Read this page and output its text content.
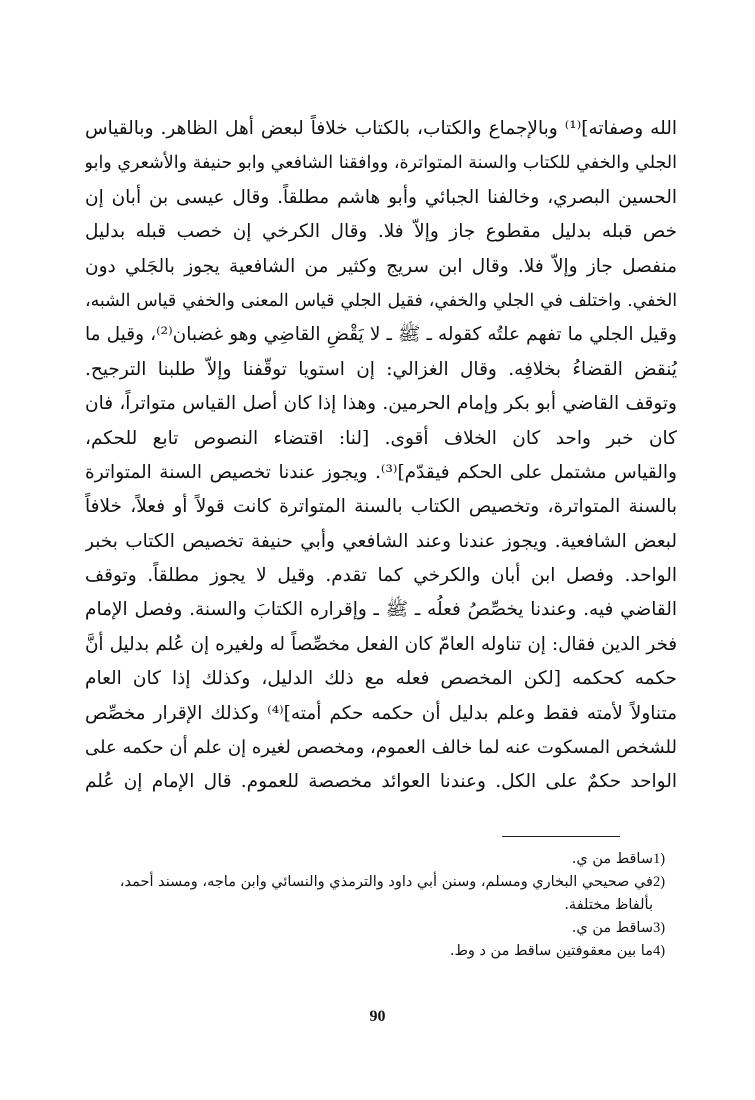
الله وصفاته]⁽¹⁾ وبالإجماع والكتاب، بالكتاب خلافاً لبعض أهل الظاهر. وبالقياس
الجلي والخفي للكتاب والسنة المتواترة، ووافقنا الشافعي وابو حنيفة والأشعري وابو
الحسين البصري، وخالفنا الجبائي وأبو هاشم مطلقاً. وقال عيسى بن أبان إن
خص قبله بدليل مقطوع جاز وإلاّ فلا. وقال الكرخي إن خصب قبله بدليل
منفصل جاز وإلاّ فلا. وقال ابن سريج وكثير من الشافعية يجوز بالجَلي دون
الخفي. واختلف في الجلي والخفي، فقيل الجلي قياس المعنى والخفي قياس الشبه،
وقيل الجلي ما تفهم علتُه كقوله ـ ﷺ ـ لا يَقْضِ القاضِي وهو غضبان⁽²⁾، وقيل ما
يُنقض القضاءُ بخلافِه. وقال الغزالي: إن استويا توقّفنا وإلاّ طلبنا الترجيح.
وتوقف القاضي أبو بكر وإمام الحرمين. وهذا إذا كان أصل القياس متواتراً، فان
كان خبر واحد كان الخلاف أقوى. [لنا: اقتضاء النصوص تابع للحكم،
والقياس مشتمل على الحكم فيقدّم]⁽³⁾. ويجوز عندنا تخصيص السنة المتواترة
بالسنة المتواترة، وتخصيص الكتاب بالسنة المتواترة كانت قولاً أو فعلاً، خلافاً
لبعض الشافعية. ويجوز عندنا وعند الشافعي وأبي حنيفة تخصيص الكتاب بخبر
الواحد. وفصل ابن أبان والكرخي كما تقدم. وقيل لا يجوز مطلقاً. وتوقف
القاضي فيه. وعندنا يخصِّصُ فعلُه ـ ﷺ ـ وإقراره الكتابَ والسنة. وفصل الإمام
فخر الدين فقال: إن تناوله العامّ كان الفعل مخصِّصاً له ولغيره إن عُلم بدليل أنَّ
حكمه كحكمه [لكن المخصص فعله مع ذلك الدليل، وكذلك إذا كان العام
متناولاً لأمته فقط وعلم بدليل أن حكمه حكم أمته]⁽⁴⁾ وكذلك الإقرار مخصِّص
للشخص المسكوت عنه لما خالف العموم، ومخصص لغيره إن علم أن حكمه على
الواحد حكمٌ على الكل. وعندنا العوائد مخصصة للعموم. قال الإمام إن عُلم
1)
ساقط من ي.
2)
في صحيحي البخاري ومسلم، وسنن أبي داود والترمذي والنسائي وابن ماجه، ومسند أحمد،
بألفاظ مختلفة.
3)
ساقط من ي.
4)
ما بين معقوفتين ساقط من د وط.
90
